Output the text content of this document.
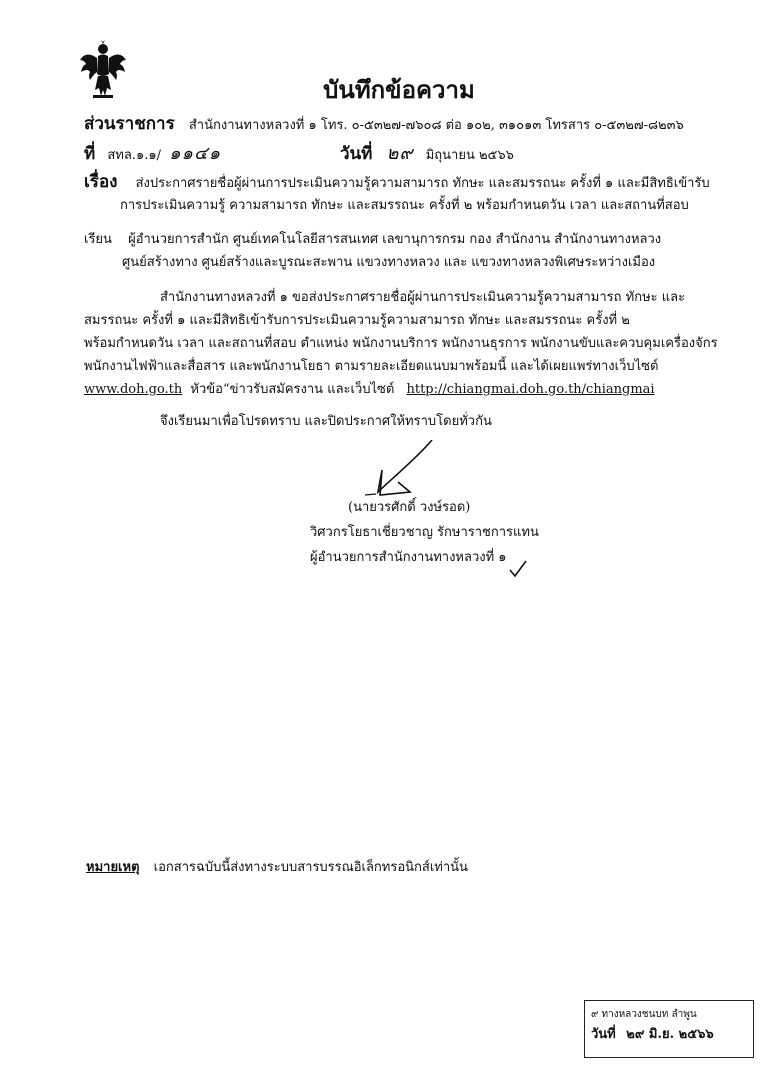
บันทึกข้อความ
ส่วนราชการ สำนักงานทางหลวงที่ ๑ โทร. ๐-๕๓๒๗-๗๖๐๘ ต่อ ๑๐๒, ๓๑๐๑๓ โทรสาร ๐-๕๓๒๗-๘๒๓๖
ที่ สทล.๑.๑/ ๑๑๔๑	วันที่ ๒๙ มิถุนายน ๒๕๖๖
เรื่อง ส่งประกาศรายชื่อผู้ผ่านการประเมินความรู้ความสามารถ ทักษะ และสมรรถนะ ครั้งที่ ๑ และมีสิทธิเข้ารับ
การประเมินความรู้ ความสามารถ ทักษะ และสมรรถนะ ครั้งที่ ๒ พร้อมกำหนดวัน เวลา และสถานที่สอบ
เรียน ผู้อำนวยการสำนัก ศูนย์เทคโนโลยีสารสนเทศ เลขานุการกรม กอง สำนักงาน สำนักงานทางหลวง
ศูนย์สร้างทาง ศูนย์สร้างและบูรณะสะพาน แขวงทางหลวง และ แขวงทางหลวงพิเศษระหว่างเมือง
สำนักงานทางหลวงที่ ๑ ขอส่งประกาศรายชื่อผู้ผ่านการประเมินความรู้ความสามารถ ทักษะ และ
สมรรถนะ ครั้งที่ ๑ และมีสิทธิเข้ารับการประเมินความรู้ความสามารถ ทักษะ และสมรรถนะ ครั้งที่ ๒
พร้อมกำหนดวัน เวลา และสถานที่สอบ ตำแหน่ง พนักงานบริการ พนักงานธุรการ พนักงานขับและควบคุมเครื่องจักร
พนักงานไฟฟ้าและสื่อสาร และพนักงานโยธา ตามรายละเอียดแนบมาพร้อมนี้ และได้เผยแพร่ทางเว็บไซต์
www.doh.go.th หัวข้อ“ข่าวรับสมัครงาน และเว็บไซต์ http://chiangmai.doh.go.th/chiangmai
จึงเรียนมาเพื่อโปรดทราบ และปิดประกาศให้ทราบโดยทั่วกัน
(นายวรศักดิ์ วงษ์รอด)
วิศวกรโยธาเชี่ยวชาญ รักษาราชการแทน
ผู้อำนวยการสำนักงานทางหลวงที่ ๑
หมายเหตุ เอกสารฉบับนี้ส่งทางระบบสารบรรณอิเล็กทรอนิกส์เท่านั้น
๙ ทางหลวงชนบท ลำพูน
วันที่ ๒๙ มิ.ย. ๒๕๖๖
